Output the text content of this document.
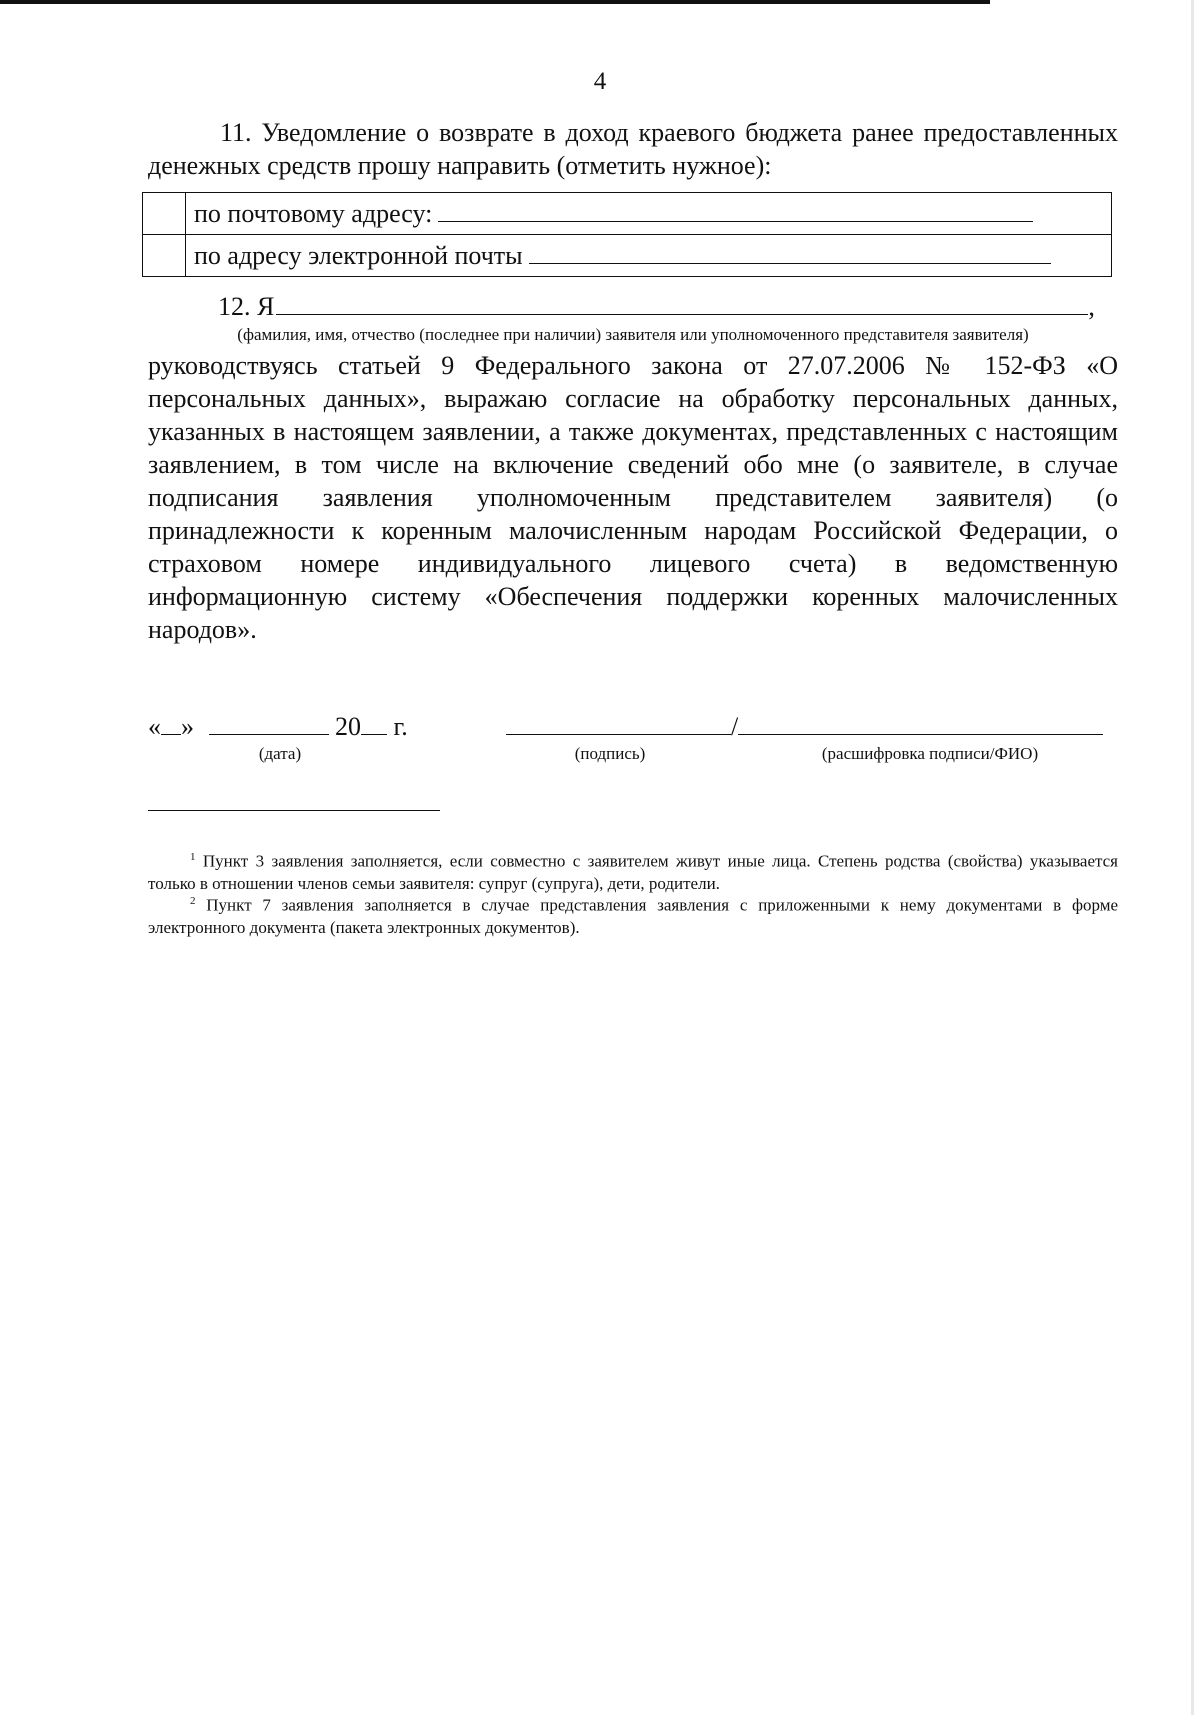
4
11. Уведомление о возврате в доход краевого бюджета ранее предоставленных денежных средств прошу направить (отметить нужное):
	по почтовому адресу:
	по адресу электронной почты
12. Я	,
(фамилия, имя, отчество (последнее при наличии) заявителя или уполномоченного представителя заявителя)
руководствуясь статьей 9 Федерального закона от 27.07.2006 № 152-ФЗ «О персональных данных», выражаю согласие на обработку персональных данных, указанных в настоящем заявлении, а также документах, представленных с настоящим заявлением, в том числе на включение сведений обо мне (о заявителе, в случае подписания заявления уполномоченным представителем заявителя) (о принадлежности к коренным малочисленным народам Российской Федерации, о страховом номере индивидуального лицевого счета) в ведомственную информационную систему «Обеспечения поддержки коренных малочисленных народов».
« »	20 г.	/
(дата)	(подпись)	(расшифровка подписи/ФИО)
$^1$ Пункт 3 заявления заполняется, если совместно с заявителем живут иные лица. Степень родства (свойства) указывается только в отношении членов семьи заявителя: супруг (супруга), дети, родители.
$^2$ Пункт 7 заявления заполняется в случае представления заявления с приложенными к нему документами в форме электронного документа (пакета электронных документов).
